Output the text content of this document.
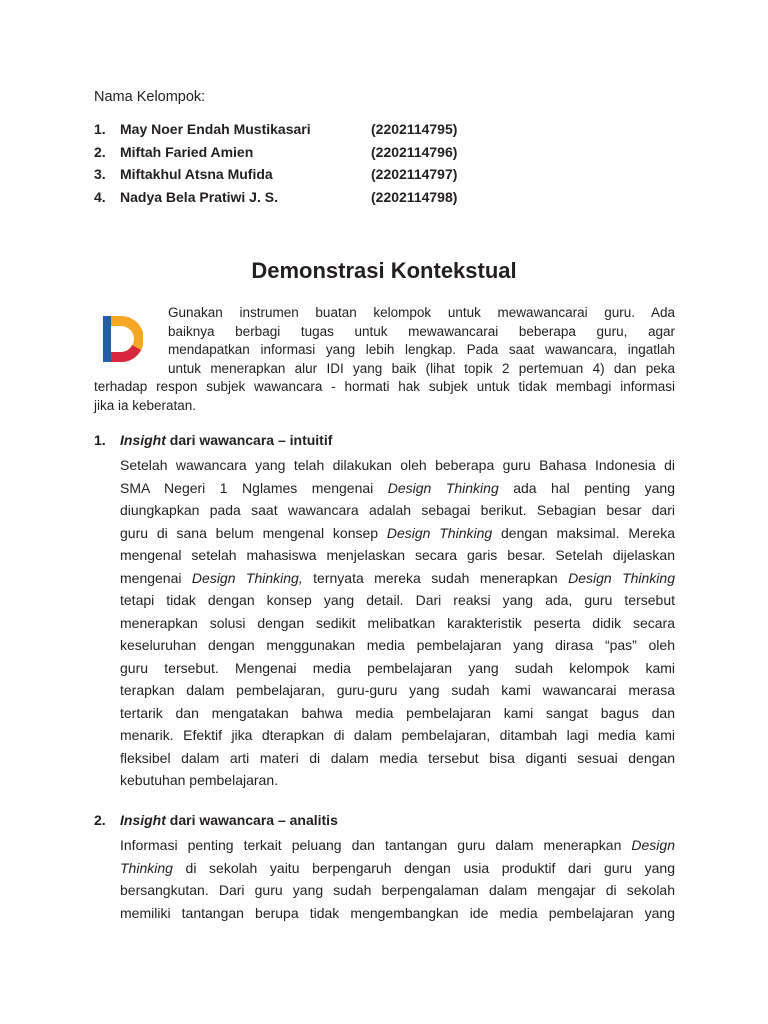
Nama Kelompok:
1. May Noer Endah Mustikasari	(2202114795)
2. Miftah Faried Amien	(2202114796)
3. Miftakhul Atsna Mufida	(2202114797)
4. Nadya Bela Pratiwi J. S.	(2202114798)
Demonstrasi Kontekstual
Gunakan instrumen buatan kelompok untuk mewawancarai guru. Ada
baiknya berbagi tugas untuk mewawancarai beberapa guru, agar
mendapatkan informasi yang lebih lengkap. Pada saat wawancara, ingatlah
untuk menerapkan alur IDI yang baik (lihat topik 2 pertemuan 4) dan peka
terhadap respon subjek wawancara - hormati hak subjek untuk tidak membagi informasi
jika ia keberatan.
1. Insight dari wawancara – intuitif
Setelah wawancara yang telah dilakukan oleh beberapa guru Bahasa Indonesia di
SMA Negeri 1 Nglames mengenai Design Thinking ada hal penting yang
diungkapkan pada saat wawancara adalah sebagai berikut. Sebagian besar dari
guru di sana belum mengenal konsep Design Thinking dengan maksimal. Mereka
mengenal setelah mahasiswa menjelaskan secara garis besar. Setelah dijelaskan
mengenai Design Thinking, ternyata mereka sudah menerapkan Design Thinking
tetapi tidak dengan konsep yang detail. Dari reaksi yang ada, guru tersebut
menerapkan solusi dengan sedikit melibatkan karakteristik peserta didik secara
keseluruhan dengan menggunakan media pembelajaran yang dirasa “pas” oleh
guru tersebut. Mengenai media pembelajaran yang sudah kelompok kami
terapkan dalam pembelajaran, guru-guru yang sudah kami wawancarai merasa
tertarik dan mengatakan bahwa media pembelajaran kami sangat bagus dan
menarik. Efektif jika dterapkan di dalam pembelajaran, ditambah lagi media kami
fleksibel dalam arti materi di dalam media tersebut bisa diganti sesuai dengan
kebutuhan pembelajaran.
2. Insight dari wawancara – analitis
Informasi penting terkait peluang dan tantangan guru dalam menerapkan Design
Thinking di sekolah yaitu berpengaruh dengan usia produktif dari guru yang
bersangkutan. Dari guru yang sudah berpengalaman dalam mengajar di sekolah
memiliki tantangan berupa tidak mengembangkan ide media pembelajaran yang
